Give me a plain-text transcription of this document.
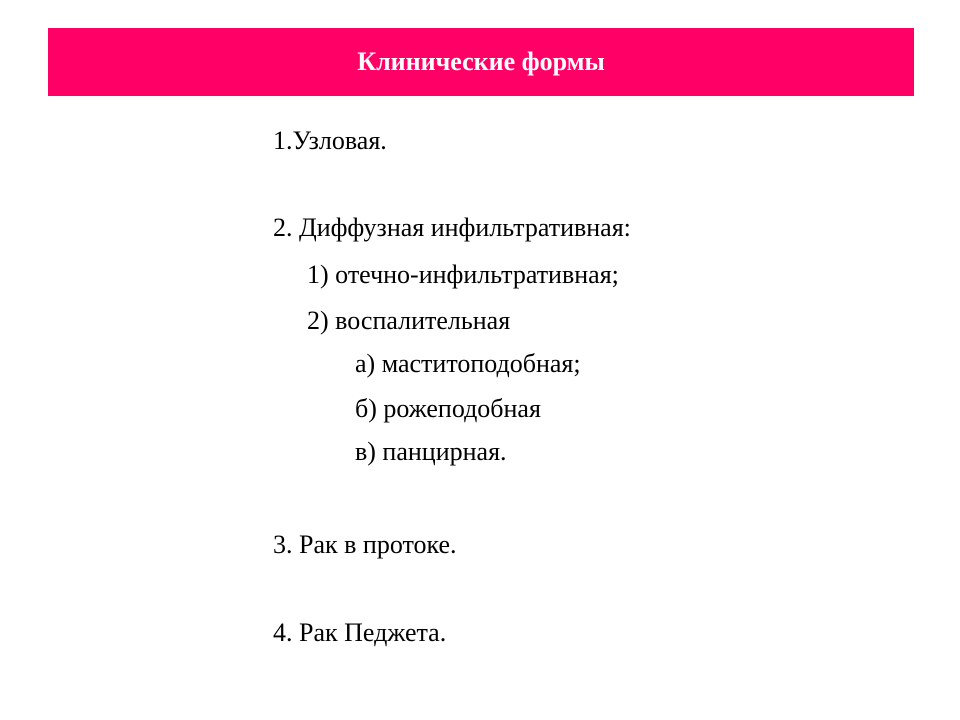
Клинические формы
1.Узловая.
2. Диффузная инфильтративная:
1) отечно-инфильтративная;
2) воспалительная
а) маститоподобная;
б) рожеподобная
в) панцирная.
3. Рак в протоке.
4. Рак Педжета.
